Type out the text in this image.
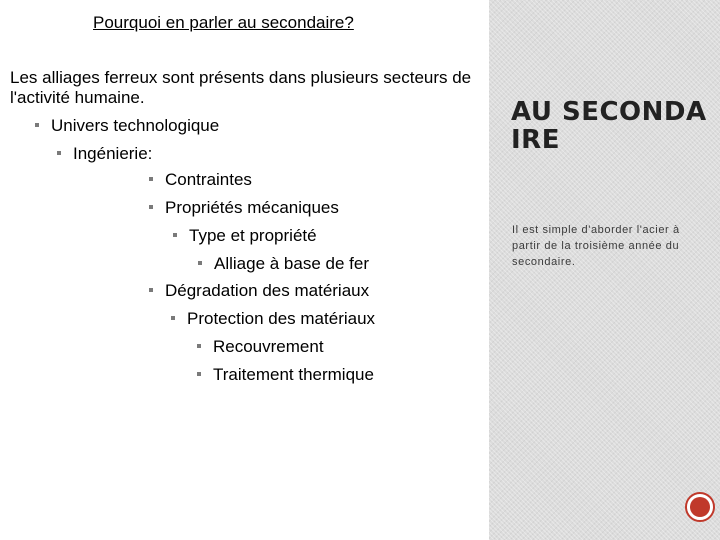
Pourquoi en parler au secondaire?

Les alliages ferreux sont présents dans plusieurs secteurs de l'activité humaine.

Univers technologique
Ingénierie:
Contraintes
Propriétés mécaniques
Type et propriété
Alliage à base de fer
Dégradation des matériaux
Protection des matériaux
Recouvrement
Traitement thermique
AU SECONDAIRE

Il est simple d'aborder l'acier à partir de la troisième année du secondaire.
